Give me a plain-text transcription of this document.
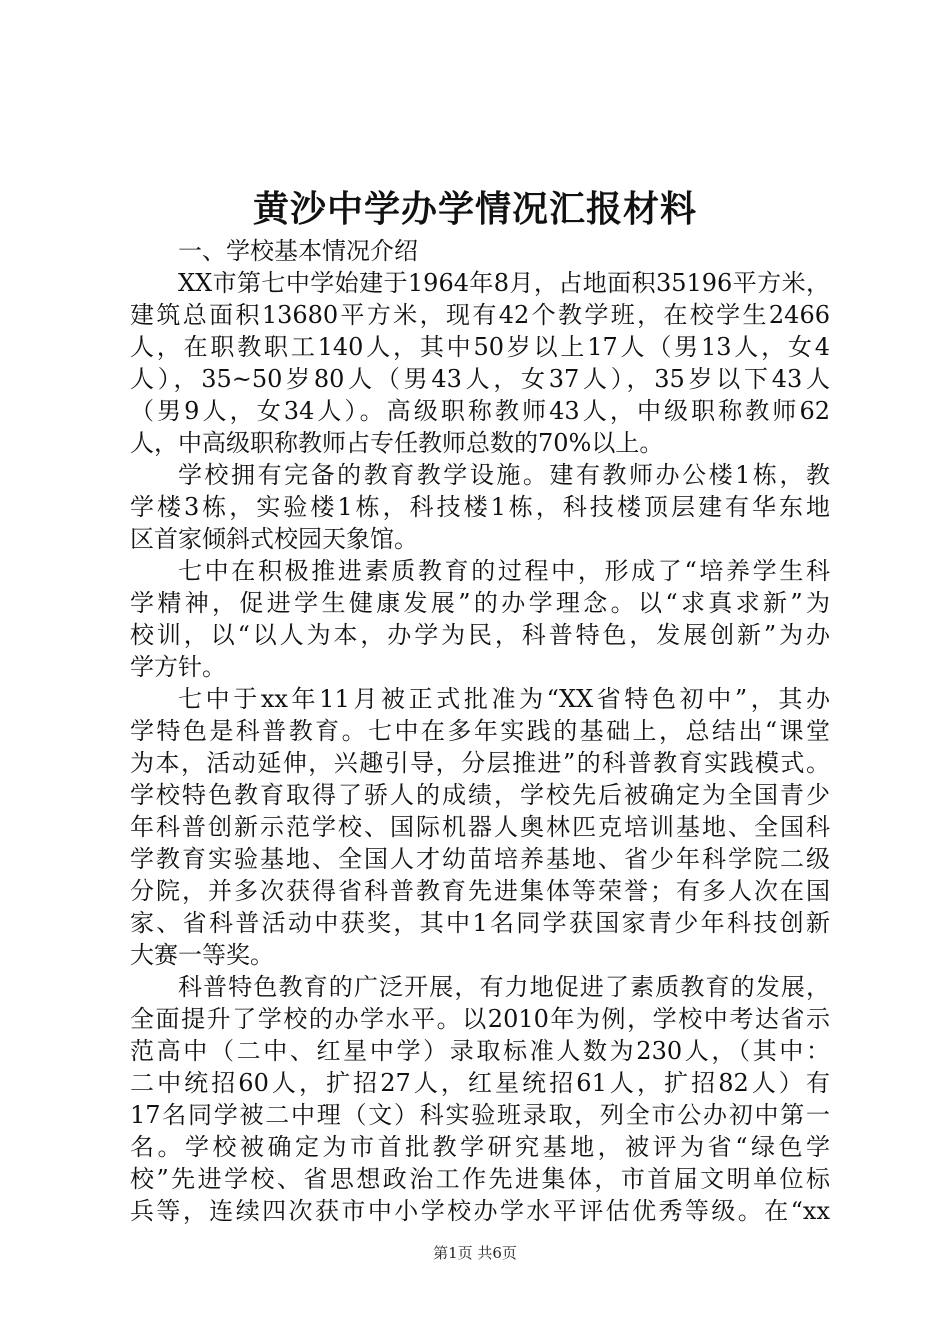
黄沙中学办学情况汇报材料
一、学校基本情况介绍
XX市第七中学始建于1964年8月，占地面积35196平方米，
建筑总面积13680平方米，现有42个教学班，在校学生2466
人，在职教职工140人，其中50岁以上17人（男13人，女4
人），35~50岁80人（男43人，女37人），35岁以下43人
（男9人，女34人）。高级职称教师43人，中级职称教师62
人，中高级职称教师占专任教师总数的70%以上。
学校拥有完备的教育教学设施。建有教师办公楼1栋，教
学楼3栋，实验楼1栋，科技楼1栋，科技楼顶层建有华东地
区首家倾斜式校园天象馆。
七中在积极推进素质教育的过程中，形成了“培养学生科
学精神，促进学生健康发展”的办学理念。以“求真求新”为
校训，以“以人为本，办学为民，科普特色，发展创新”为办
学方针。
七中于xx年11月被正式批准为“XX省特色初中”，其办
学特色是科普教育。七中在多年实践的基础上，总结出“课堂
为本，活动延伸，兴趣引导，分层推进”的科普教育实践模式。
学校特色教育取得了骄人的成绩，学校先后被确定为全国青少
年科普创新示范学校、国际机器人奥林匹克培训基地、全国科
学教育实验基地、全国人才幼苗培养基地、省少年科学院二级
分院，并多次获得省科普教育先进集体等荣誉；有多人次在国
家、省科普活动中获奖，其中1名同学获国家青少年科技创新
大赛一等奖。
科普特色教育的广泛开展，有力地促进了素质教育的发展，
全面提升了学校的办学水平。以2010年为例，学校中考达省示
范高中（二中、红星中学）录取标准人数为230人，（其中：
二中统招60人，扩招27人，红星统招61人，扩招82人）有
17名同学被二中理（文）科实验班录取，列全市公办初中第一
名。学校被确定为市首批教学研究基地，被评为省“绿色学
校”先进学校、省思想政治工作先进集体，市首届文明单位标
兵等，连续四次获市中小学校办学水平评估优秀等级。在“xx
第1页 共6页
